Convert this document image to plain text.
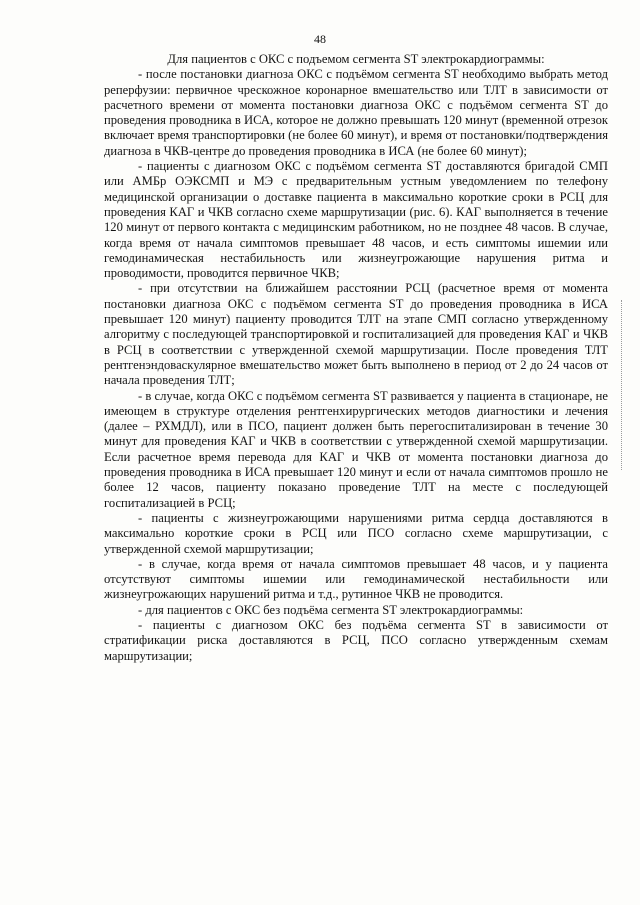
48

Для пациентов с ОКС с подъемом сегмента ST электрокардиограммы:

- после постановки диагноза ОКС с подъёмом сегмента ST необходимо выбрать метод реперфузии: первичное чрескожное коронарное вмешательство или ТЛТ в зависимости от расчетного времени от момента постановки диагноза ОКС с подъёмом сегмента ST до проведения проводника в ИСА, которое не должно превышать 120 минут (временной отрезок включает время транспортировки (не более 60 минут), и время от постановки/подтверждения диагноза в ЧКВ-центре до проведения проводника в ИСА (не более 60 минут);

- пациенты с диагнозом ОКС с подъёмом сегмента ST доставляются бригадой СМП или АМБр ОЭКСМП и МЭ с предварительным устным уведомлением по телефону медицинской организации о доставке пациента в максимально короткие сроки в РСЦ для проведения КАГ и ЧКВ согласно схеме маршрутизации (рис. 6). КАГ выполняется в течение 120 минут от первого контакта с медицинским работником, но не позднее 48 часов. В случае, когда время от начала симптомов превышает 48 часов, и есть симптомы ишемии или гемодинамическая нестабильность или жизнеугрожающие нарушения ритма и проводимости, проводится первичное ЧКВ;

- при отсутствии на ближайшем расстоянии РСЦ (расчетное время от момента постановки диагноза ОКС с подъёмом сегмента ST до проведения проводника в ИСА превышает 120 минут) пациенту проводится ТЛТ на этапе СМП согласно утвержденному алгоритму с последующей транспортировкой и госпитализацией для проведения КАГ и ЧКВ в РСЦ в соответствии с утвержденной схемой маршрутизации. После проведения ТЛТ рентгенэндоваскулярное вмешательство может быть выполнено в период от 2 до 24 часов от начала проведения ТЛТ;

- в случае, когда ОКС с подъёмом сегмента ST развивается у пациента в стационаре, не имеющем в структуре отделения рентгенхирургических методов диагностики и лечения (далее – РХМДЛ), или в ПСО, пациент должен быть перегоспитализирован в течение 30 минут для проведения КАГ и ЧКВ в соответствии с утвержденной схемой маршрутизации. Если расчетное время перевода для КАГ и ЧКВ от момента постановки диагноза до проведения проводника в ИСА превышает 120 минут и если от начала симптомов прошло не более 12 часов, пациенту показано проведение ТЛТ на месте с последующей госпитализацией в РСЦ;

- пациенты с жизнеугрожающими нарушениями ритма сердца доставляются в максимально короткие сроки в РСЦ или ПСО согласно схеме маршрутизации, с утвержденной схемой маршрутизации;

- в случае, когда время от начала симптомов превышает 48 часов, и у пациента отсутствуют симптомы ишемии или гемодинамической нестабильности или жизнеугрожающих нарушений ритма и т.д., рутинное ЧКВ не проводится.

- для пациентов с ОКС без подъёма сегмента ST электрокардиограммы:

- пациенты с диагнозом ОКС без подъёма сегмента ST в зависимости от стратификации риска доставляются в РСЦ, ПСО согласно утвержденным схемам маршрутизации;
